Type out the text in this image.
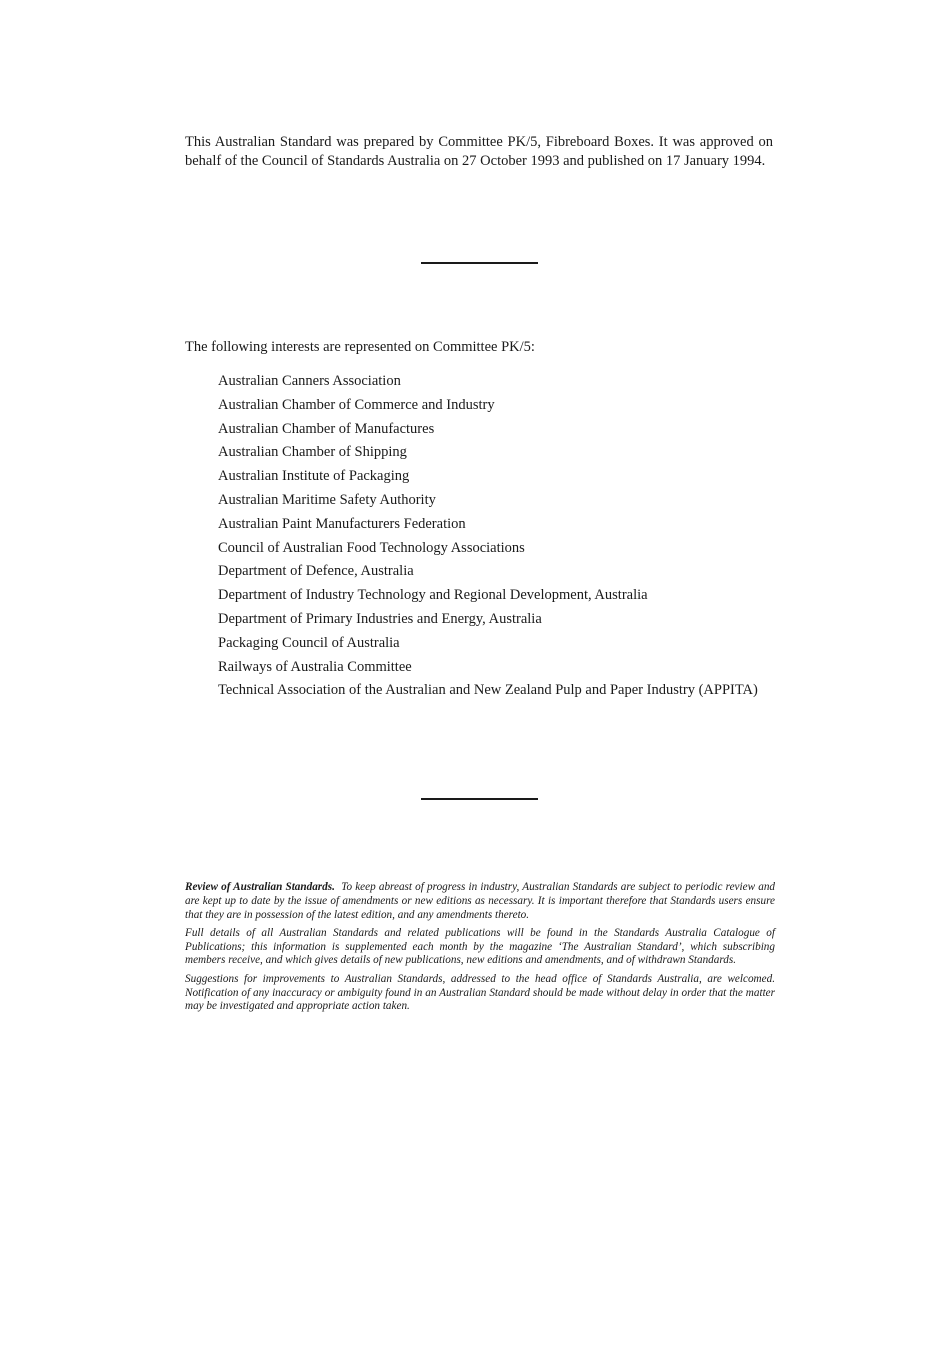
This Australian Standard was prepared by Committee PK/5, Fibreboard Boxes. It was approved on behalf of the Council of Standards Australia on 27 October 1993 and published on 17 January 1994.

The following interests are represented on Committee PK/5:

Australian Canners Association
Australian Chamber of Commerce and Industry
Australian Chamber of Manufactures
Australian Chamber of Shipping
Australian Institute of Packaging
Australian Maritime Safety Authority
Australian Paint Manufacturers Federation
Council of Australian Food Technology Associations
Department of Defence, Australia
Department of Industry Technology and Regional Development, Australia
Department of Primary Industries and Energy, Australia
Packaging Council of Australia
Railways of Australia Committee
Technical Association of the Australian and New Zealand Pulp and Paper Industry (APPITA)

Review of Australian Standards. To keep abreast of progress in industry, Australian Standards are subject to periodic review and are kept up to date by the issue of amendments or new editions as necessary. It is important therefore that Standards users ensure that they are in possession of the latest edition, and any amendments thereto.

Full details of all Australian Standards and related publications will be found in the Standards Australia Catalogue of Publications; this information is supplemented each month by the magazine ‘The Australian Standard’, which subscribing members receive, and which gives details of new publications, new editions and amendments, and of withdrawn Standards.

Suggestions for improvements to Australian Standards, addressed to the head office of Standards Australia, are welcomed. Notification of any inaccuracy or ambiguity found in an Australian Standard should be made without delay in order that the matter may be investigated and appropriate action taken.
